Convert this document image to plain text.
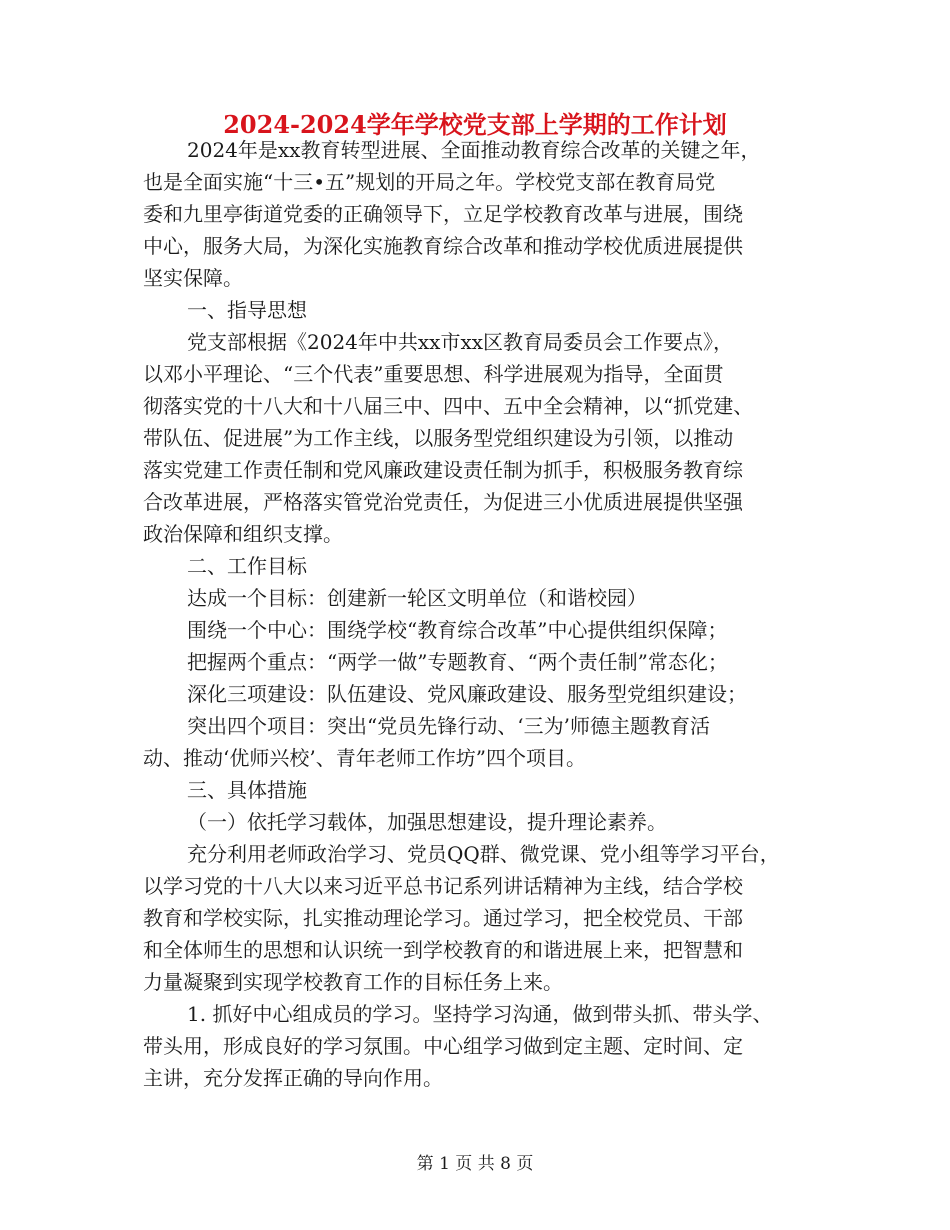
2024-2024学年学校党支部上学期的工作计划
2024年是xx教育转型进展、全面推动教育综合改革的关键之年，
也是全面实施“十三•五”规划的开局之年。学校党支部在教育局党
委和九里亭街道党委的正确领导下，立足学校教育改革与进展，围绕
中心，服务大局，为深化实施教育综合改革和推动学校优质进展提供
坚实保障。
一、指导思想
党支部根据《2024年中共xx市xx区教育局委员会工作要点》，
以邓小平理论、“三个代表”重要思想、科学进展观为指导，全面贯
彻落实党的十八大和十八届三中、四中、五中全会精神，以“抓党建、
带队伍、促进展”为工作主线，以服务型党组织建设为引领，以推动
落实党建工作责任制和党风廉政建设责任制为抓手，积极服务教育综
合改革进展，严格落实管党治党责任，为促进三小优质进展提供坚强
政治保障和组织支撑。
二、工作目标
达成一个目标：创建新一轮区文明单位（和谐校园）
围绕一个中心：围绕学校“教育综合改革”中心提供组织保障；
把握两个重点：“两学一做”专题教育、“两个责任制”常态化；
深化三项建设：队伍建设、党风廉政建设、服务型党组织建设；
突出四个项目：突出“党员先锋行动、‘三为’师德主题教育活
动、推动‘优师兴校’、青年老师工作坊”四个项目。
三、具体措施
（一）依托学习载体，加强思想建设，提升理论素养。
充分利用老师政治学习、党员QQ群、微党课、党小组等学习平台，
以学习党的十八大以来习近平总书记系列讲话精神为主线，结合学校
教育和学校实际，扎实推动理论学习。通过学习，把全校党员、干部
和全体师生的思想和认识统一到学校教育的和谐进展上来，把智慧和
力量凝聚到实现学校教育工作的目标任务上来。
1. 抓好中心组成员的学习。坚持学习沟通，做到带头抓、带头学、
带头用，形成良好的学习氛围。中心组学习做到定主题、定时间、定
主讲，充分发挥正确的导向作用。
第 1 页 共 8 页
